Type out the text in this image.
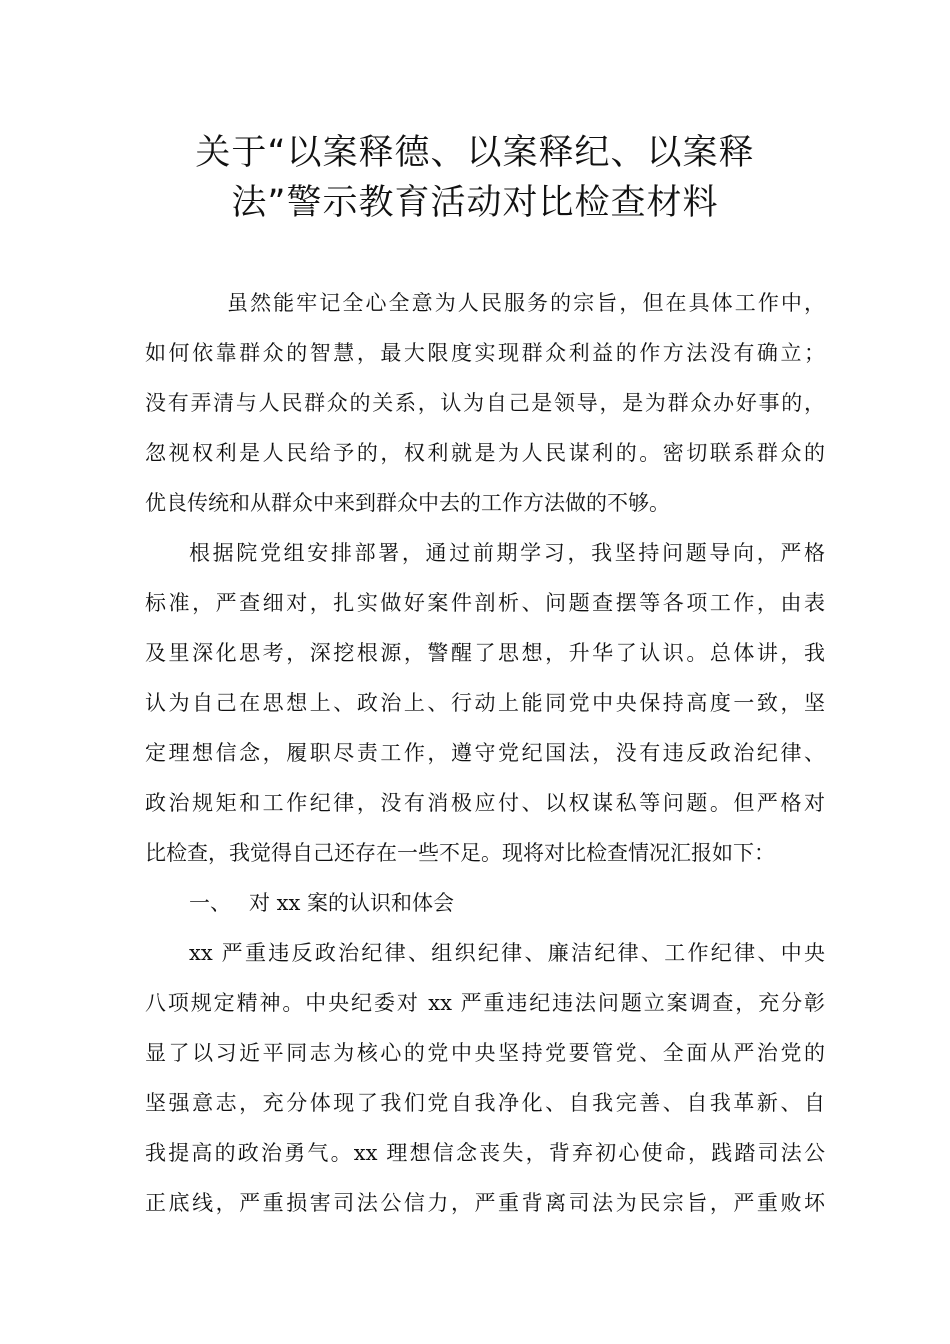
关于“以案释德、以案释纪、以案释
法”警示教育活动对比检查材料
虽然能牢记全心全意为人民服务的宗旨，但在具体工作中，
如何依靠群众的智慧，最大限度实现群众利益的作方法没有确立；
没有弄清与人民群众的关系，认为自己是领导，是为群众办好事的，
忽视权利是人民给予的，权利就是为人民谋利的。密切联系群众的
优良传统和从群众中来到群众中去的工作方法做的不够。
根据院党组安排部署，通过前期学习，我坚持问题导向，严格
标准，严查细对，扎实做好案件剖析、问题查摆等各项工作，由表
及里深化思考，深挖根源，警醒了思想，升华了认识。总体讲，我
认为自己在思想上、政治上、行动上能同党中央保持高度一致，坚
定理想信念，履职尽责工作，遵守党纪国法，没有违反政治纪律、
政治规矩和工作纪律，没有消极应付、以权谋私等问题。但严格对
比检查，我觉得自己还存在一些不足。现将对比检查情况汇报如下：
一、 对 xx 案的认识和体会
xx 严重违反政治纪律、组织纪律、廉洁纪律、工作纪律、中央
八项规定精神。中央纪委对 xx 严重违纪违法问题立案调查，充分彰
显了以习近平同志为核心的党中央坚持党要管党、全面从严治党的
坚强意志，充分体现了我们党自我净化、自我完善、自我革新、自
我提高的政治勇气。xx 理想信念丧失，背弃初心使命，践踏司法公
正底线，严重损害司法公信力，严重背离司法为民宗旨，严重败坏
